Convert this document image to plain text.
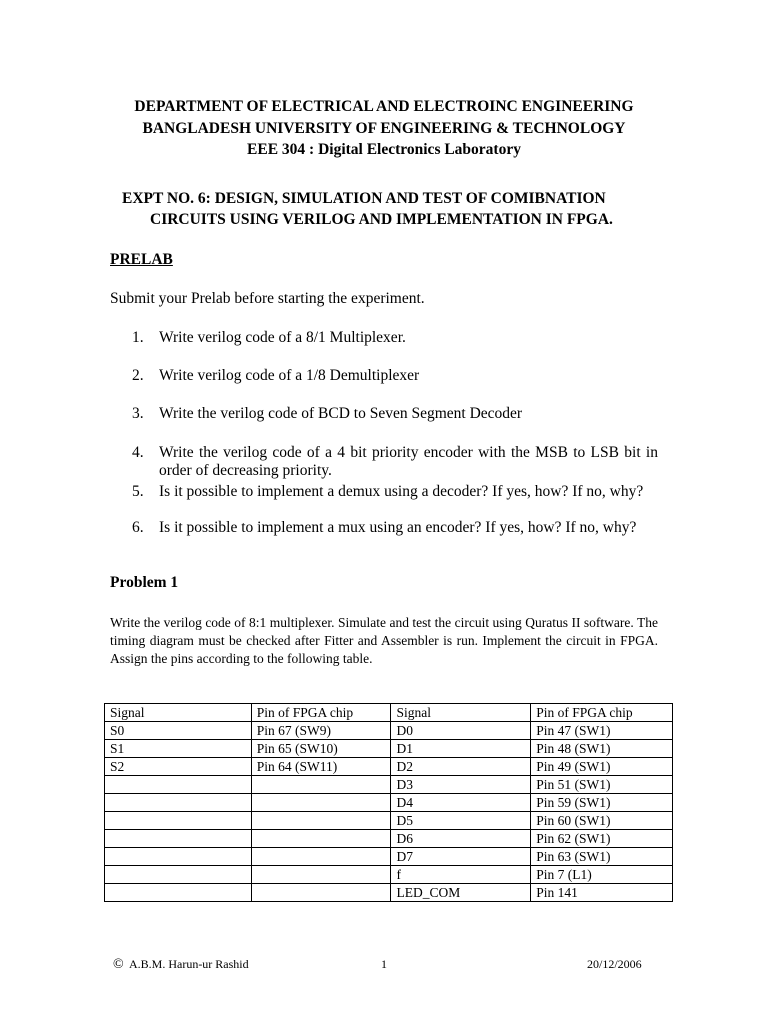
DEPARTMENT OF ELECTRICAL AND ELECTROINC ENGINEERING
BANGLADESH UNIVERSITY OF ENGINEERING & TECHNOLOGY
EEE 304 : Digital Electronics Laboratory
EXPT NO. 6: DESIGN, SIMULATION AND TEST OF COMIBNATION
CIRCUITS USING VERILOG AND IMPLEMENTATION IN FPGA.
PRELAB
Submit your Prelab before starting the experiment.
1. Write verilog code of a 8/1 Multiplexer.
2. Write verilog code of a 1/8 Demultiplexer
3. Write the verilog code of BCD to Seven Segment Decoder
4. Write the verilog code of a 4 bit priority encoder with the MSB to LSB bit in order of decreasing priority.
5. Is it possible to implement a demux using a decoder? If yes, how? If no, why?
6. Is it possible to implement a mux using an encoder? If yes, how? If no, why?
Problem 1
Write the verilog code of 8:1 multiplexer. Simulate and test the circuit using Quratus II software. The timing diagram must be checked after Fitter and Assembler is run. Implement the circuit in FPGA. Assign the pins according to the following table.
Signal	Pin of FPGA chip	Signal	Pin of FPGA chip
S0	Pin 67 (SW9)	D0	Pin 47 (SW1)
S1	Pin 65 (SW10)	D1	Pin 48 (SW1)
S2	Pin 64 (SW11)	D2	Pin 49 (SW1)
		D3	Pin 51 (SW1)
		D4	Pin 59 (SW1)
		D5	Pin 60 (SW1)
		D6	Pin 62 (SW1)
		D7	Pin 63 (SW1)
		f	Pin 7 (L1)
		LED_COM	Pin 141
© A.B.M. Harun-ur Rashid	1	20/12/2006
